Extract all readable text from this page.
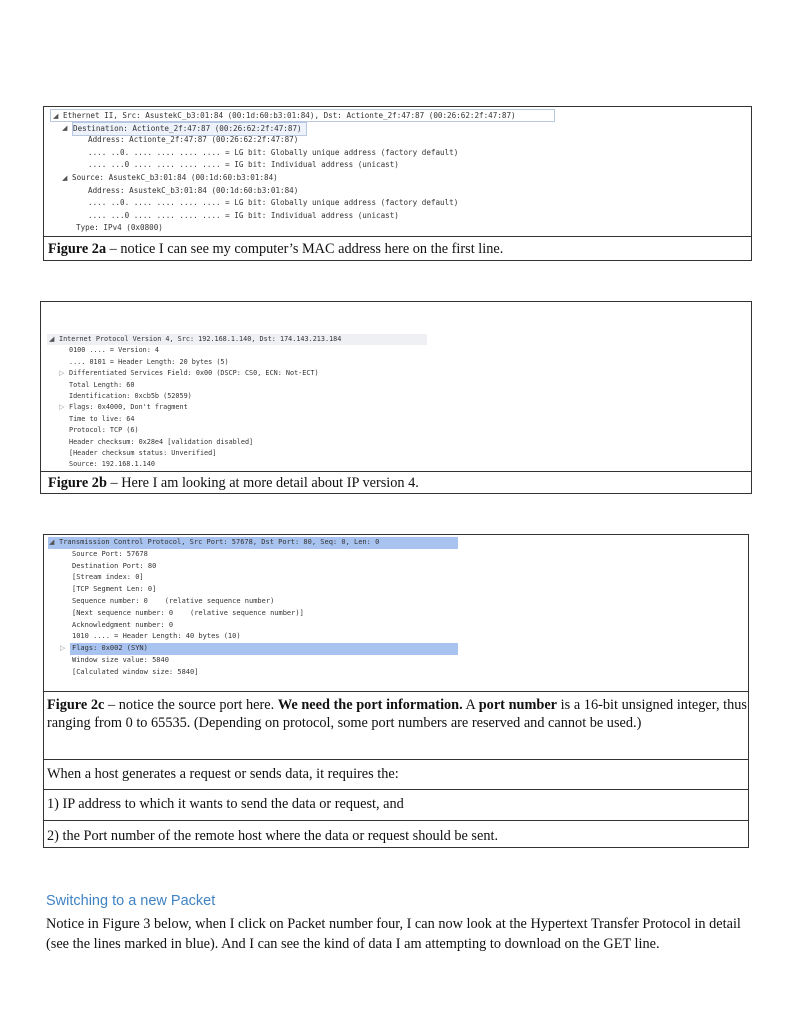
◢ Ethernet II, Src: AsustekC_b3:01:84 (00:1d:60:b3:01:84), Dst: Actionte_2f:47:87 (00:26:62:2f:47:87)
◢ Destination: Actionte_2f:47:87 (00:26:62:2f:47:87)
Address: Actionte_2f:47:87 (00:26:62:2f:47:87)
.... ..0. .... .... .... .... = LG bit: Globally unique address (factory default)
.... ...0 .... .... .... .... = IG bit: Individual address (unicast)
◢ Source: AsustekC_b3:01:84 (00:1d:60:b3:01:84)
Address: AsustekC_b3:01:84 (00:1d:60:b3:01:84)
.... ..0. .... .... .... .... = LG bit: Globally unique address (factory default)
.... ...0 .... .... .... .... = IG bit: Individual address (unicast)
Type: IPv4 (0x0800)
Figure 2a – notice I can see my computer’s MAC address here on the first line.
◢ Internet Protocol Version 4, Src: 192.168.1.140, Dst: 174.143.213.184
0100 .... = Version: 4
.... 0101 = Header Length: 20 bytes (5)
▷ Differentiated Services Field: 0x00 (DSCP: CS0, ECN: Not-ECT)
Total Length: 60
Identification: 0xcb5b (52059)
▷ Flags: 0x4000, Don't fragment
Time to live: 64
Protocol: TCP (6)
Header checksum: 0x28e4 [validation disabled]
[Header checksum status: Unverified]
Source: 192.168.1.140
Figure 2b – Here I am looking at more detail about IP version 4.
◢ Transmission Control Protocol, Src Port: 57678, Dst Port: 80, Seq: 0, Len: 0
Source Port: 57678
Destination Port: 80
[Stream index: 0]
[TCP Segment Len: 0]
Sequence number: 0    (relative sequence number)
[Next sequence number: 0    (relative sequence number)]
Acknowledgment number: 0
1010 .... = Header Length: 40 bytes (10)
▷ Flags: 0x002 (SYN)
Window size value: 5840
[Calculated window size: 5840]
Figure 2c – notice the source port here. We need the port information. A port number is a 16-bit unsigned integer, thus ranging from 0 to 65535. (Depending on protocol, some port numbers are reserved and cannot be used.)
When a host generates a request or sends data, it requires the:
1) IP address to which it wants to send the data or request, and
2) the Port number of the remote host where the data or request should be sent.
Switching to a new Packet
Notice in Figure 3 below, when I click on Packet number four, I can now look at the Hypertext Transfer Protocol in detail (see the lines marked in blue). And I can see the kind of data I am attempting to download on the GET line.
